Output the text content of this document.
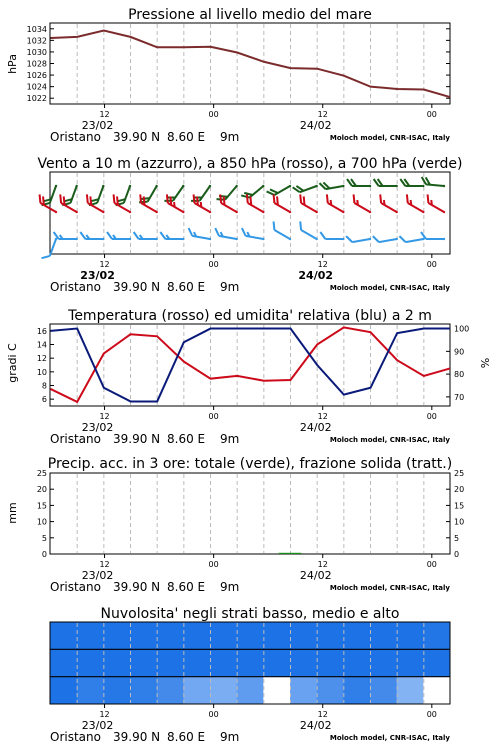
Pressione al livello medio del mare
hPa
1034
1032
1030
1028
1026
1024
1022
12	00	12	00
23/02	24/02
Oristano 39.90 N 8.60 E 9m	Moloch model, CNR-ISAC, Italy
Vento a 10 m (azzurro), a 850 hPa (rosso), a 700 hPa (verde)
12	00	12	00
23/02	24/02
Oristano 39.90 N 8.60 E 9m	Moloch model, CNR-ISAC, Italy
Temperatura (rosso) ed umidita' relativa (blu) a 2 m
gradi C	%
16
14
12
10
8
6
100
90
80
70
12	00	12	00
23/02	24/02
Oristano 39.90 N 8.60 E 9m	Moloch model, CNR-ISAC, Italy
Precip. acc. in 3 ore: totale (verde), frazione solida (tratt.)
mm
25	25
20	20
15	15
10	10
5	5
0	0
12	00	12	00
23/02	24/02
Oristano 39.90 N 8.60 E 9m	Moloch model, CNR-ISAC, Italy
Nuvolosita' negli strati basso, medio e alto
12	00	12	00
23/02	24/02
Oristano 39.90 N 8.60 E 9m	Moloch model, CNR-ISAC, Italy
